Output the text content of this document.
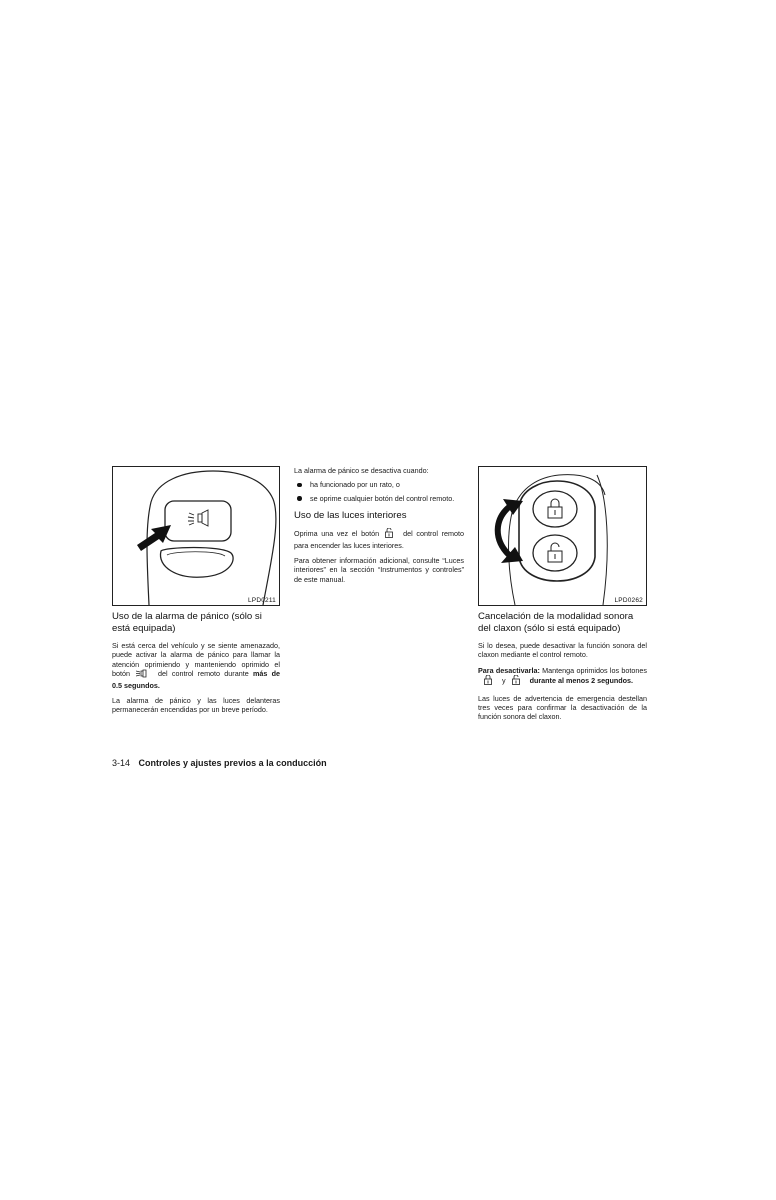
LPD0211
Uso de la alarma de pánico (sólo si está equipada)

Si está cerca del vehículo y se siente amenazado, puede activar la alarma de pánico para llamar la atención oprimiendo y manteniendo oprimido el botón	del control remoto durante más de 0.5 segundos.

La alarma de pánico y las luces delanteras permanecerán encendidas por un breve período.

La alarma de pánico se desactiva cuando:

ha funcionado por un rato, o
se oprime cualquier botón del control remoto.
Uso de las luces interiores

Oprima una vez el botón	del control remoto para encender las luces interiores.

Para obtener información adicional, consulte “Luces interiores” en la sección “Instrumentos y controles” de este manual.

LPD0262
Cancelación de la modalidad sonora del claxon (sólo si está equipado)

Si lo desea, puede desactivar la función sonora del claxon mediante el control remoto.

Para desactivarla: Mantenga oprimidos los botonesy	durante al menos 2 segundos.

Las luces de advertencia de emergencia destellan tres veces para confirmar la desactivación de la función sonora del claxon.

3-14 Controles y ajustes previos a la conducción
